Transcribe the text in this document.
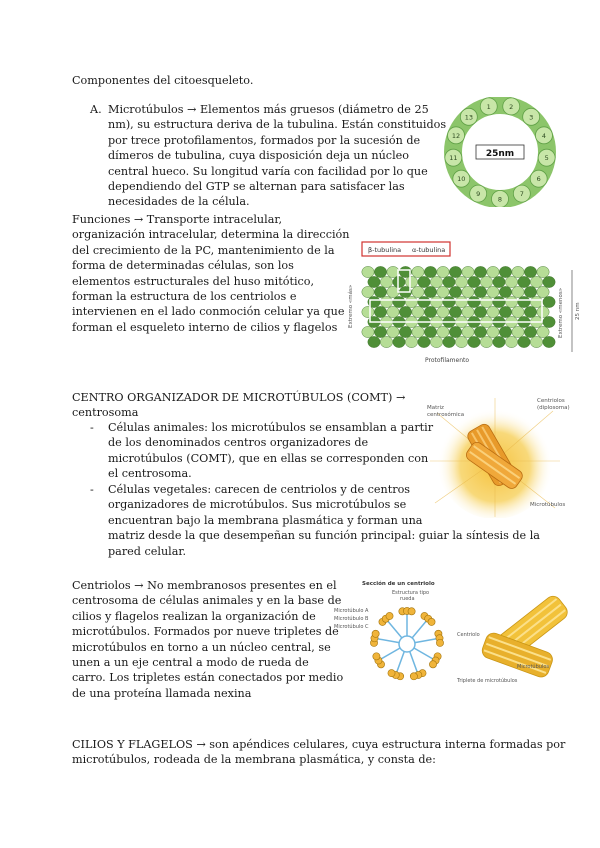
Componentes del citoesqueleto.
A. Microtúbulos → Elementos más gruesos (diámetro de 25
nm), su estructura deriva de la tubulina. Están constituidos
por trece protofilamentos, formados por la sucesión de
dímeros de tubulina, cuya disposición deja un núcleo
central hueco. Su longitud varía con facilidad por lo que
dependiendo del GTP se alternan para satisfacer las
necesidades de la célula.
1	2
3
4
5
6
7
8
9
10
11
12
13
25nm
Funciones → Transporte intracelular,
organización intracelular, determina la dirección
del crecimiento de la PC, mantenimiento de la
forma de determinadas células, son los
elementos estructurales del huso mitótico,
forman la estructura de los centriolos e
intervienen en el lado conmoción celular ya que
forman el esqueleto interno de cilios y flagelos
β-tubulina α-tubulina
Extremo «más»	Extremo «menos» 25 nm
Protofilamento
CENTRO ORGANIZADOR DE MICROTÚBULOS (COMT) →
centrosoma
- Células animales: los microtúbulos se ensamblan a partir
de los denominados centros organizadores de
microtúbulos (COMT), que en ellas se corresponden con
el centrosoma.
- Células vegetales: carecen de centriolos y de centros
organizadores de microtúbulos. Sus microtúbulos se
encuentran bajo la membrana plasmática y forman una
matriz desde la que desempeñan su función principal: guiar la síntesis de la
pared celular.
Matriz
centrosómica
Centriolos
(diplosoma)
Microtúbulos
Centriolos → No membranosos presentes en el
centrosoma de células animales y en la base de
cilios y flagelos realizan la organización de
microtúbulos. Formados por nueve tripletes de
microtúbulos en torno a un núcleo central, se
unen a un eje central a modo de rueda de
carro. Los tripletes están conectados por medio
de una proteína llamada nexina
Sección de un centriolo
Estructura tipo
rueda
Microtúbulo A
Microtúbulo B
Microtúbulo C
Centriolo
Microtúbulos
Triplete de microtúbulos
CILIOS Y FLAGELOS → son apéndices celulares, cuya estructura interna formadas por
microtúbulos, rodeada de la membrana plasmática, y consta de:
